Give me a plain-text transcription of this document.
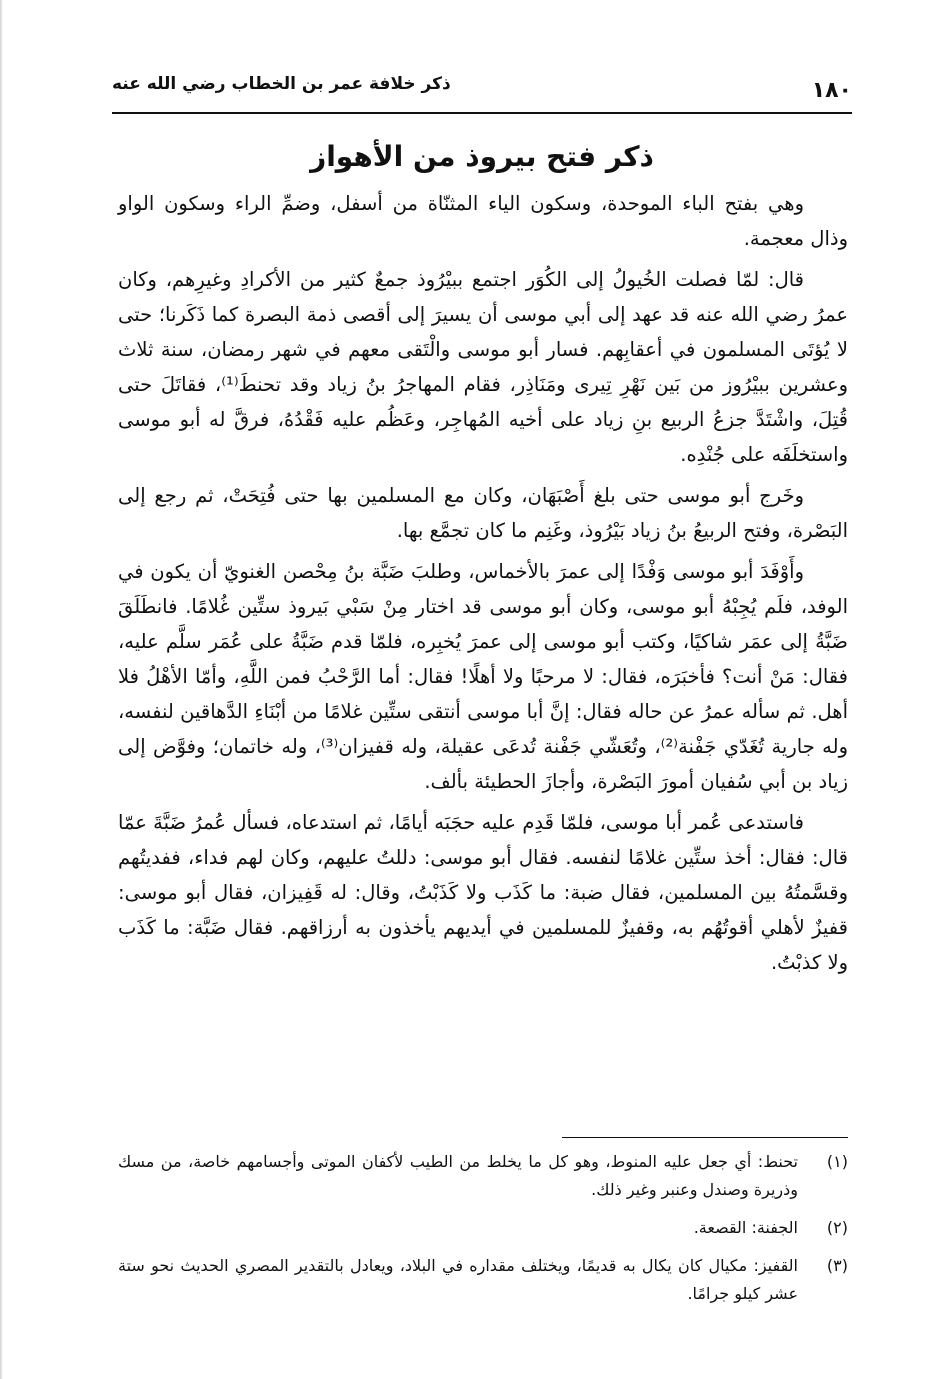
١٨٠
ذكر خلافة عمر بن الخطاب رضي الله عنه
ذكر فتح بيروذ من الأهواز

وهي بفتح الباء الموحدة، وسكون الياء المثنّاة من أسفل، وضمِّ الراء وسكون الواو وذال معجمة.

قال: لمّا فصلت الخُيولُ إلى الكُوَر اجتمع ببيْرُوذ جمعٌ كثير من الأكرادِ وغيرِهم، وكان عمرُ رضي الله عنه قد عهد إلى أبي موسى أن يسيرَ إلى أقصى ذمة البصرة كما ذَكَرنا؛ حتى لا يُؤتَى المسلمون في أعقابِهم. فسار أبو موسى والْتَقى معهم في شهر رمضان، سنة ثلاث وعشرين ببيْرُوز من بَين نَهْرِ تِيرى ومَنَاذِر، فقام المهاجرُ بنُ زياد وقد تحنطَ⁽¹⁾، فقاتَلَ حتى قُتِلَ، واشْتَدَّ جزعُ الربيع بنِ زياد على أخيه المُهاجِر، وعَظُم عليه فَقْدُهُ، فرقَّ له أبو موسى واستخلَفَه على جُنْدِه.

وخَرج أبو موسى حتى بلغ أَصْبَهَان، وكان مع المسلمين بها حتى فُتِحَتْ، ثم رجع إلى البَصْرة، وفتح الربيعُ بنُ زياد بَيْرُوذ، وغَنِم ما كان تجمَّع بها.

وأَوْفَدَ أبو موسى وَفْدًا إلى عمرَ بالأخماس، وطلبَ ضَبَّة بنُ مِحْصن الغنويّ أن يكون في الوفد، فلَم يُجِبْهُ أبو موسى، وكان أبو موسى قد اختار مِنْ سَبْي بَيروذ ستِّين غُلامًا. فانطَلَقَ ضَبَّةُ إلى عمَر شاكيًا، وكتب أبو موسى إلى عمرَ يُخبِره، فلمّا قدم ضَبَّةُ على عُمَر سلَّم عليه، فقال: مَنْ أنت؟ فأخبَرَه، فقال: لا مرحبًا ولا أهلًا! فقال: أما الرَّحْبُ فمن اللَّهِ، وأمّا الأهْلُ فلا أهل. ثم سأله عمرُ عن حاله فقال: إنَّ أبا موسى أنتقى ستِّين غلامًا من أبْنَاءِ الدَّهاقين لنفسه، وله جارية تُغَدّي جَفْنة⁽²⁾، وتُعَشّي جَفْنة تُدعَى عقيلة، وله قفيزان⁽³⁾، وله خاتمان؛ وفوَّض إلى زياد بن أبي سُفيان أمورَ البَصْرة، وأجازَ الحطيئة بألف.

فاستدعى عُمر أبا موسى، فلمّا قَدِم عليه حجَبَه أيامًا، ثم استدعاه، فسأل عُمرُ ضَبَّةَ عمّا قال: فقال: أخذ ستِّين غلامًا لنفسه. فقال أبو موسى: دللتُ عليهم، وكان لهم فداء، ففديتُهم وقسَّمتُهُ بين المسلمين، فقال ضبة: ما كَذَب ولا كَذَبْتُ، وقال: له قَفِيزان، فقال أبو موسى: قفيزٌ لأهلي أقوتُهُم به، وقفيزٌ للمسلمين في أيديهم يأخذون به أرزاقهم. فقال ضَبَّة: ما كَذَب ولا كذبْتُ.

(١)
تحنط: أي جعل عليه المنوط، وهو كل ما يخلط من الطيب لأكفان الموتى وأجسامهم خاصة، من مسك وذريرة وصندل وعنبر وغير ذلك.
(٢)
الجفنة: القصعة.
(٣)
القفيز: مكيال كان يكال به قديمًا، ويختلف مقداره في البلاد، ويعادل بالتقدير المصري الحديث نحو ستة عشر كيلو جرامًا.
